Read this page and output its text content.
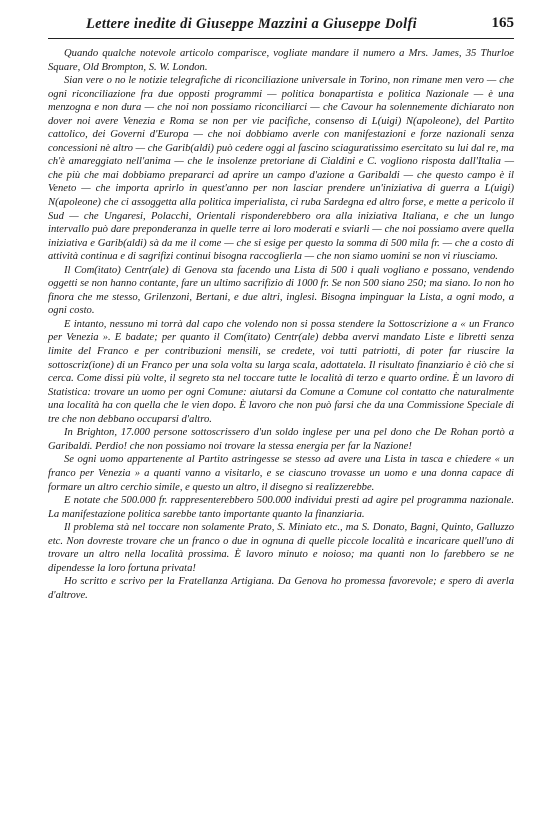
Lettere inedite di Giuseppe Mazzini a Giuseppe Dolfi	165

Quando qualche notevole articolo comparisce, vogliate mandare il numero a Mrs. James, 35 Thurloe Square, Old Brompton, S. W. London.

Sian vere o no le notizie telegrafiche di riconciliazione universale in Torino, non rimane men vero — che ogni riconciliazione fra due opposti programmi — politica bonapartista e politica Nazionale — è una menzogna e non dura — che noi non possiamo riconciliarci — che Cavour ha solennemente dichiarato non dover noi avere Venezia e Roma se non per vie pacifiche, consenso di L(uigi) N(apoleone), del Partito cattolico, dei Governi d'Europa — che noi dobbiamo averle con manifestazioni e forze nazionali senza concessioni nè altro — che Garib(aldi) può cedere oggi al fascino sciaguratissimo esercitato su lui dal re, ma ch'è amareggiato nell'anima — che le insolenze pretoriane di Cialdini e C. vogliono risposta dall'Italia — che più che mai dobbiamo prepararci ad aprire un campo d'azione a Garibaldi — che questo campo è il Veneto — che importa aprirlo in quest'anno per non lasciar prendere un'iniziativa di guerra a L(uigi) N(apoleone) che ci assoggetta alla politica imperialista, ci ruba Sardegna ed altro forse, e mette a pericolo il Sud — che Ungaresi, Polacchi, Orientali risponderebbero ora alla iniziativa Italiana, e che un lungo intervallo può dare preponderanza in quelle terre ai loro moderati e sviarli — che noi possiamo avere quella iniziativa e Garib(aldi) sà da me il come — che si esige per questo la somma di 500 mila fr. — che a costo di attività continua e di sagrifizi continui bisogna raccoglierla — che non siamo uomini se non vi riusciamo.

Il Com(itato) Centr(ale) di Genova sta facendo una Lista di 500 i quali vogliano e possano, vendendo oggetti se non hanno contante, fare un ultimo sacrifizio di 1000 fr. Se non 500 siano 250; ma siano. Io non ho finora che me stesso, Grilenzoni, Bertani, e due altri, inglesi. Bisogna impinguar la Lista, a ogni modo, a ogni costo.

E intanto, nessuno mi torrà dal capo che volendo non si possa stendere la Sottoscrizione a « un Franco per Venezia ». E badate; per quanto il Com(itato) Centr(ale) debba avervi mandato Liste e libretti senza limite del Franco e per contribuzioni mensili, se credete, voi tutti patriotti, di poter far riuscire la sottoscriz(ione) di un Franco per una sola volta su larga scala, adottatela. Il risultato finanziario è ciò che si cerca. Come dissi più volte, il segreto sta nel toccare tutte le località di terzo e quarto ordine. È un lavoro di Statistica: trovare un uomo per ogni Comune: aiutarsi da Comune a Comune col contatto che naturalmente una località ha con quella che le vien dopo. È lavoro che non può farsi che da una Commissione Speciale di tre che non debbano occuparsi d'altro.

In Brighton, 17.000 persone sottoscrissero d'un soldo inglese per una pel dono che De Rohan portò a Garibaldi. Perdio! che non possiamo noi trovare la stessa energia per far la Nazione!

Se ogni uomo appartenente al Partito astringesse se stesso ad avere una Lista in tasca e chiedere « un franco per Venezia » a quanti vanno a visitarlo, e se ciascuno trovasse un uomo e una donna capace di formare un altro cerchio simile, e questo un altro, il disegno si realizzerebbe.

E notate che 500.000 fr. rappresenterebbero 500.000 individui presti ad agire pel programma nazionale. La manifestazione politica sarebbe tanto importante quanto la finanziaria.

Il problema stà nel toccare non solamente Prato, S. Miniato etc., ma S. Donato, Bagni, Quinto, Galluzzo etc. Non dovreste trovare che un franco o due in ognuna di quelle piccole località e incaricare quell'uno di trovare un altro nella località prossima. È lavoro minuto e noioso; ma quanti non lo farebbero se ne dipendesse la loro fortuna privata!

Ho scritto e scrivo per la Fratellanza Artigiana. Da Genova ho promessa favorevole; e spero di averla d'altrove.
